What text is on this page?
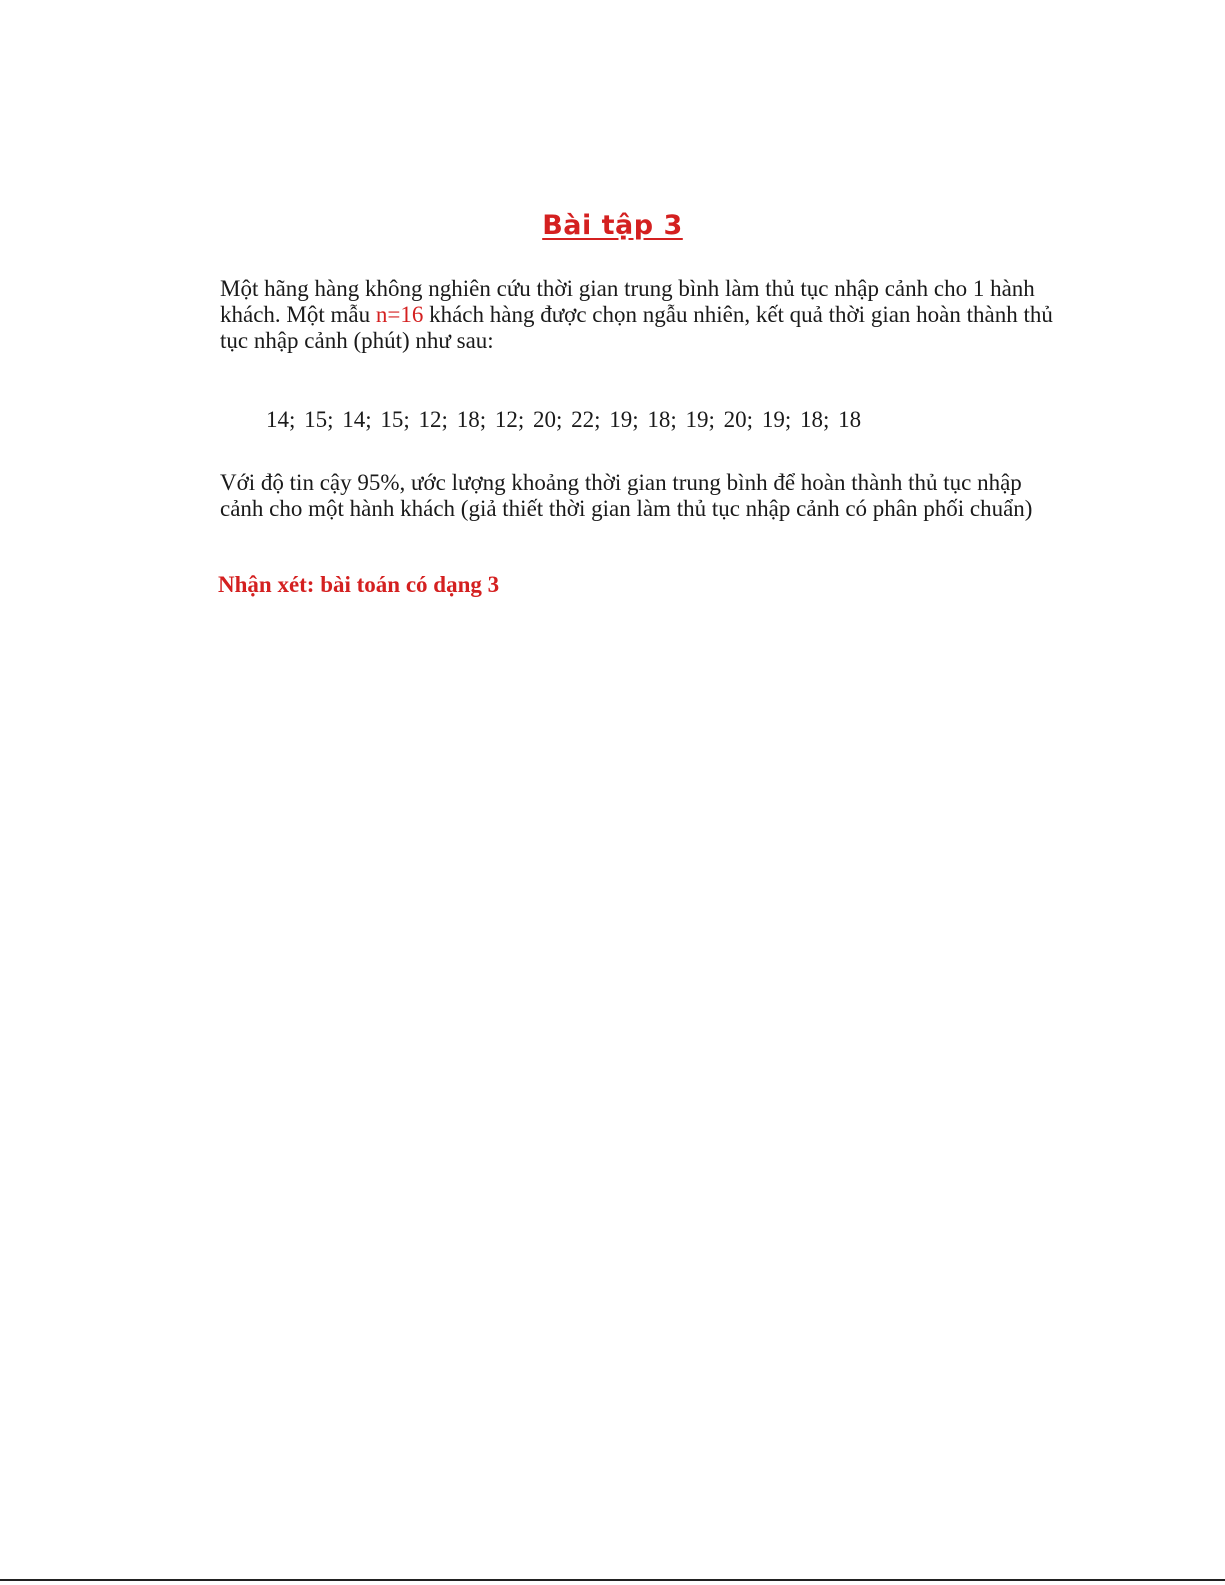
Bài tập 3
Một hãng hàng không nghiên cứu thời gian trung bình làm thủ tục nhập cảnh cho 1 hành khách. Một mẫu n=16 khách hàng được chọn ngẫu nhiên, kết quả thời gian hoàn thành thủ tục nhập cảnh (phút) như sau:
14; 15; 14; 15; 12; 18; 12; 20; 22; 19; 18; 19; 20; 19; 18; 18
Với độ tin cậy 95%, ước lượng khoảng thời gian trung bình để hoàn thành thủ tục nhập cảnh cho một hành khách (giả thiết thời gian làm thủ tục nhập cảnh có phân phối chuẩn)
Nhận xét: bài toán có dạng 3
